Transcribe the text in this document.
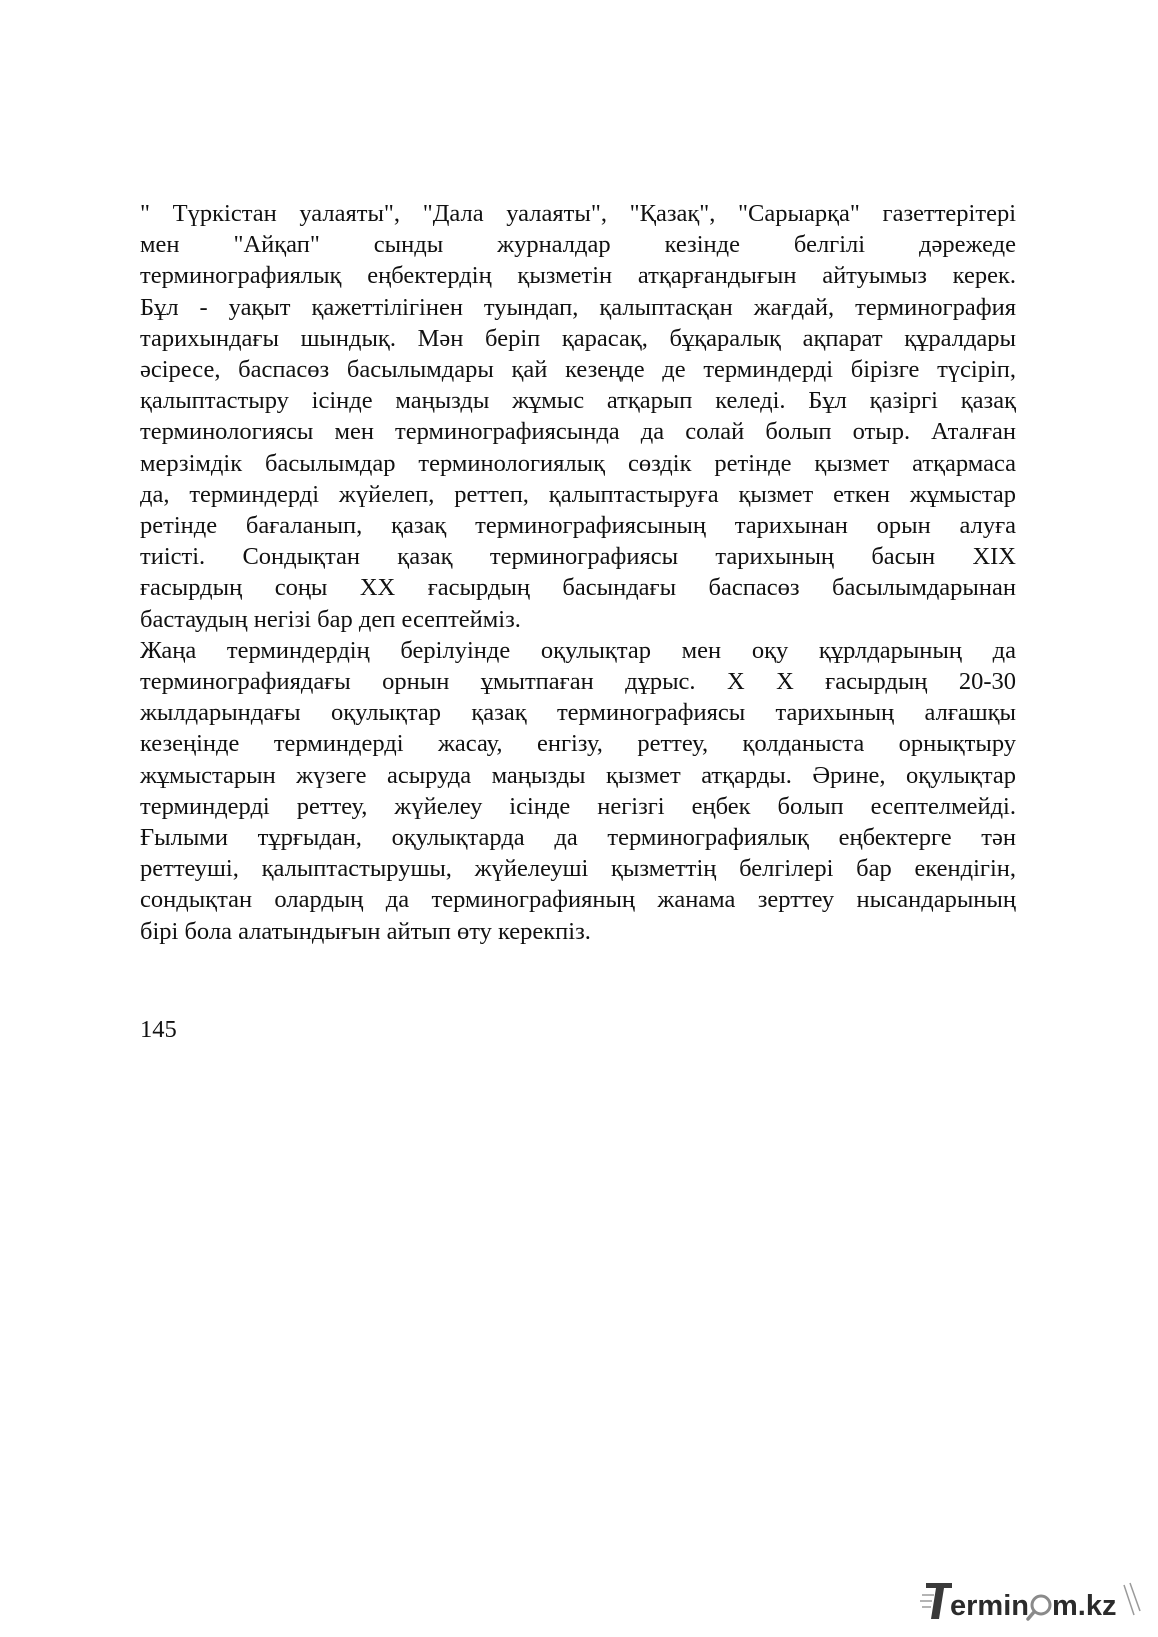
" Түркістан уалаяты", "Дала уалаяты", "Қазақ", "Сарыарқа" газеттерітері

мен "Айқап" сынды журналдар кезінде белгілі дәрежеде

терминографиялық еңбектердің қызметін атқарғандығын айтуымыз керек.

Бұл - уақыт қажеттілігінен туындап, қалыптасқан жағдай, терминография

тарихындағы шындық. Мән беріп қарасақ, бұқаралық ақпарат құралдары

әсіресе, баспасөз басылымдары қай кезеңде де терминдерді бірізге түсіріп,

қалыптастыру ісінде маңызды жұмыс атқарып келеді. Бұл қазіргі қазақ

терминологиясы мен терминографиясында да солай болып отыр. Аталған

мерзімдік басылымдар терминологиялық сөздік ретінде қызмет атқармаса

да, терминдерді жүйелеп, реттеп, қалыптастыруға қызмет еткен жұмыстар

ретінде бағаланып, қазақ терминографиясының тарихынан орын алуға

тиісті. Сондықтан қазақ терминографиясы тарихының басын XIX

ғасырдың соңы XX ғасырдың басындағы баспасөз басылымдарынан

бастаудың негізі бар деп есептейміз.

Жаңа терминдердің берілуінде оқулықтар мен оқу құрлдарының да

терминографиядағы орнын ұмытпаған дұрыс. Х Х ғасырдың 20-30

жылдарындағы оқулықтар қазақ терминографиясы тарихының алғашқы

кезеңінде терминдерді жасау, енгізу, реттеу, қолданыста орнықтыру

жұмыстарын жүзеге асыруда маңызды қызмет атқарды. Әрине, оқулықтар

терминдерді реттеу, жүйелеу ісінде негізгі еңбек болып есептелмейді.

Ғылыми тұрғыдан, оқулықтарда да терминографиялық еңбектерге тән

реттеуші, қалыптастырушы, жүйелеуші қызметтің белгілері бар екендігін,

сондықтан олардың да терминографияның жанама зерттеу нысандарының

бірі бола алатындығын айтып өту керекпіз.

145
ermin m.kz
